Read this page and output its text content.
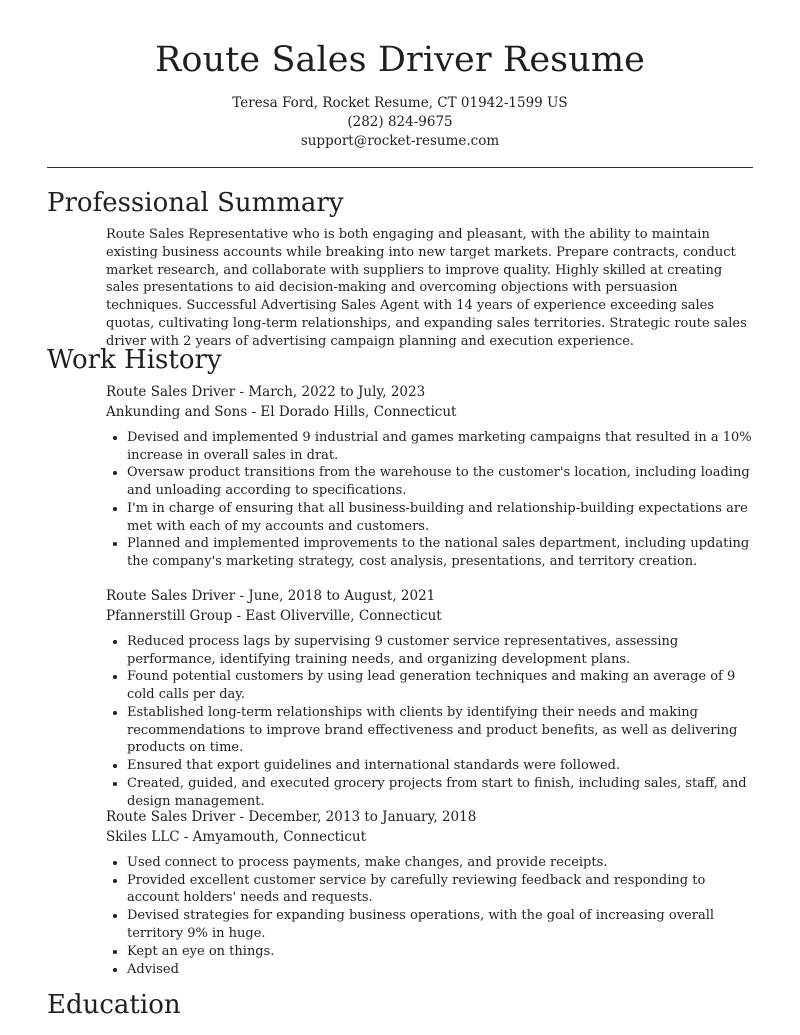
Route Sales Driver Resume
Teresa Ford, Rocket Resume, CT 01942-1599 US
(282) 824-9675
support@rocket-resume.com
Professional Summary

Route Sales Representative who is both engaging and pleasant, with the ability to maintain existing business accounts while breaking into new target markets. Prepare contracts, conduct market research, and collaborate with suppliers to improve quality. Highly skilled at creating sales presentations to aid decision-making and overcoming objections with persuasion techniques. Successful Advertising Sales Agent with 14 years of experience exceeding sales quotas, cultivating long-term relationships, and expanding sales territories. Strategic route sales driver with 2 years of advertising campaign planning and execution experience.

Work History
Route Sales Driver - March, 2022 to July, 2023
Ankunding and Sons - El Dorado Hills, Connecticut
• Devised and implemented 9 industrial and games marketing campaigns that resulted in a 10% increase in overall sales in drat.
• Oversaw product transitions from the warehouse to the customer's location, including loading and unloading according to specifications.
• I'm in charge of ensuring that all business-building and relationship-building expectations are met with each of my accounts and customers.
• Planned and implemented improvements to the national sales department, including updating the company's marketing strategy, cost analysis, presentations, and territory creation.
Route Sales Driver - June, 2018 to August, 2021
Pfannerstill Group - East Oliverville, Connecticut
• Reduced process lags by supervising 9 customer service representatives, assessing performance, identifying training needs, and organizing development plans.
• Found potential customers by using lead generation techniques and making an average of 9 cold calls per day.
• Established long-term relationships with clients by identifying their needs and making recommendations to improve brand effectiveness and product benefits, as well as delivering products on time.
• Ensured that export guidelines and international standards were followed.
• Created, guided, and executed grocery projects from start to finish, including sales, staff, and design management.
Route Sales Driver - December, 2013 to January, 2018
Skiles LLC - Amyamouth, Connecticut
• Used connect to process payments, make changes, and provide receipts.
• Provided excellent customer service by carefully reviewing feedback and responding to account holders' needs and requests.
• Devised strategies for expanding business operations, with the goal of increasing overall territory 9% in huge.
• Kept an eye on things.
• Advised
Education
